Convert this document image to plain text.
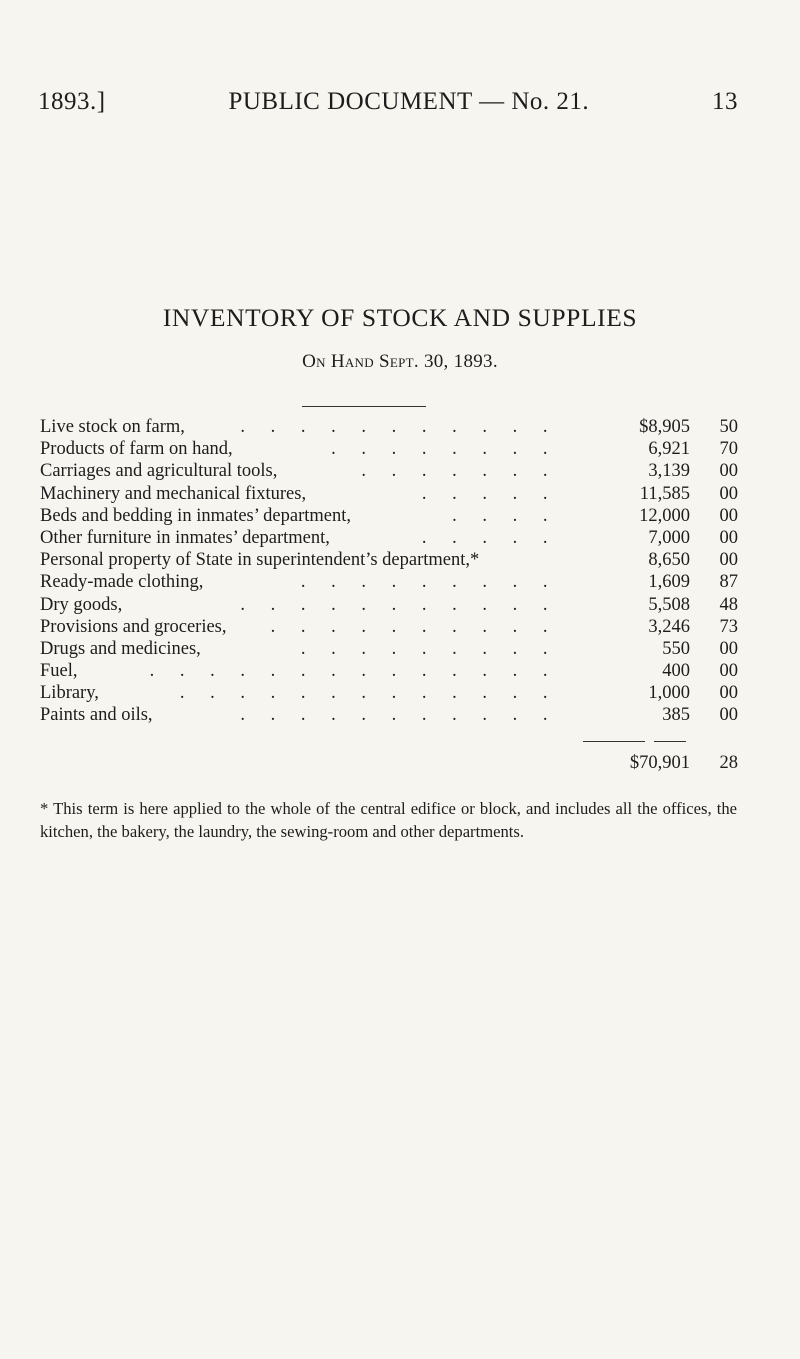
1893.]	PUBLIC DOCUMENT — No. 21.	13
INVENTORY OF STOCK AND SUPPLIES
On Hand Sept. 30, 1893.
Live stock on farm,	. . . . . . . . . . .	$8,905	50
Products of farm on hand,	. . . . . . . .	6,921	70
Carriages and agricultural tools,	. . . . . . .	3,139	00
Machinery and mechanical fixtures,	. . . . .	11,585	00
Beds and bedding in inmates’ department,	. . . .	12,000	00
Other furniture in inmates’ department,	. . . . .	7,000	00
Personal property of State in superintendent’s department,*	8,650	00
Ready-made clothing,	. . . . . . . . .	1,609	87
Dry goods,	. . . . . . . . . . .	5,508	48
Provisions and groceries, . . . . . . . . . .	3,246	73
Drugs and medicines,	. . . . . . . . .	550	00
Fuel,	. . . . . . . . . . . . . .	400	00
Library,	. . . . . . . . . . . . .	1,000	00
Paints and oils,	. . . . . . . . . . .	385	00
$70,901	28
* This term is here applied to the whole of the central edifice or block, and includes all the offices, the kitchen, the bakery, the laundry, the sewing-room and other departments.
